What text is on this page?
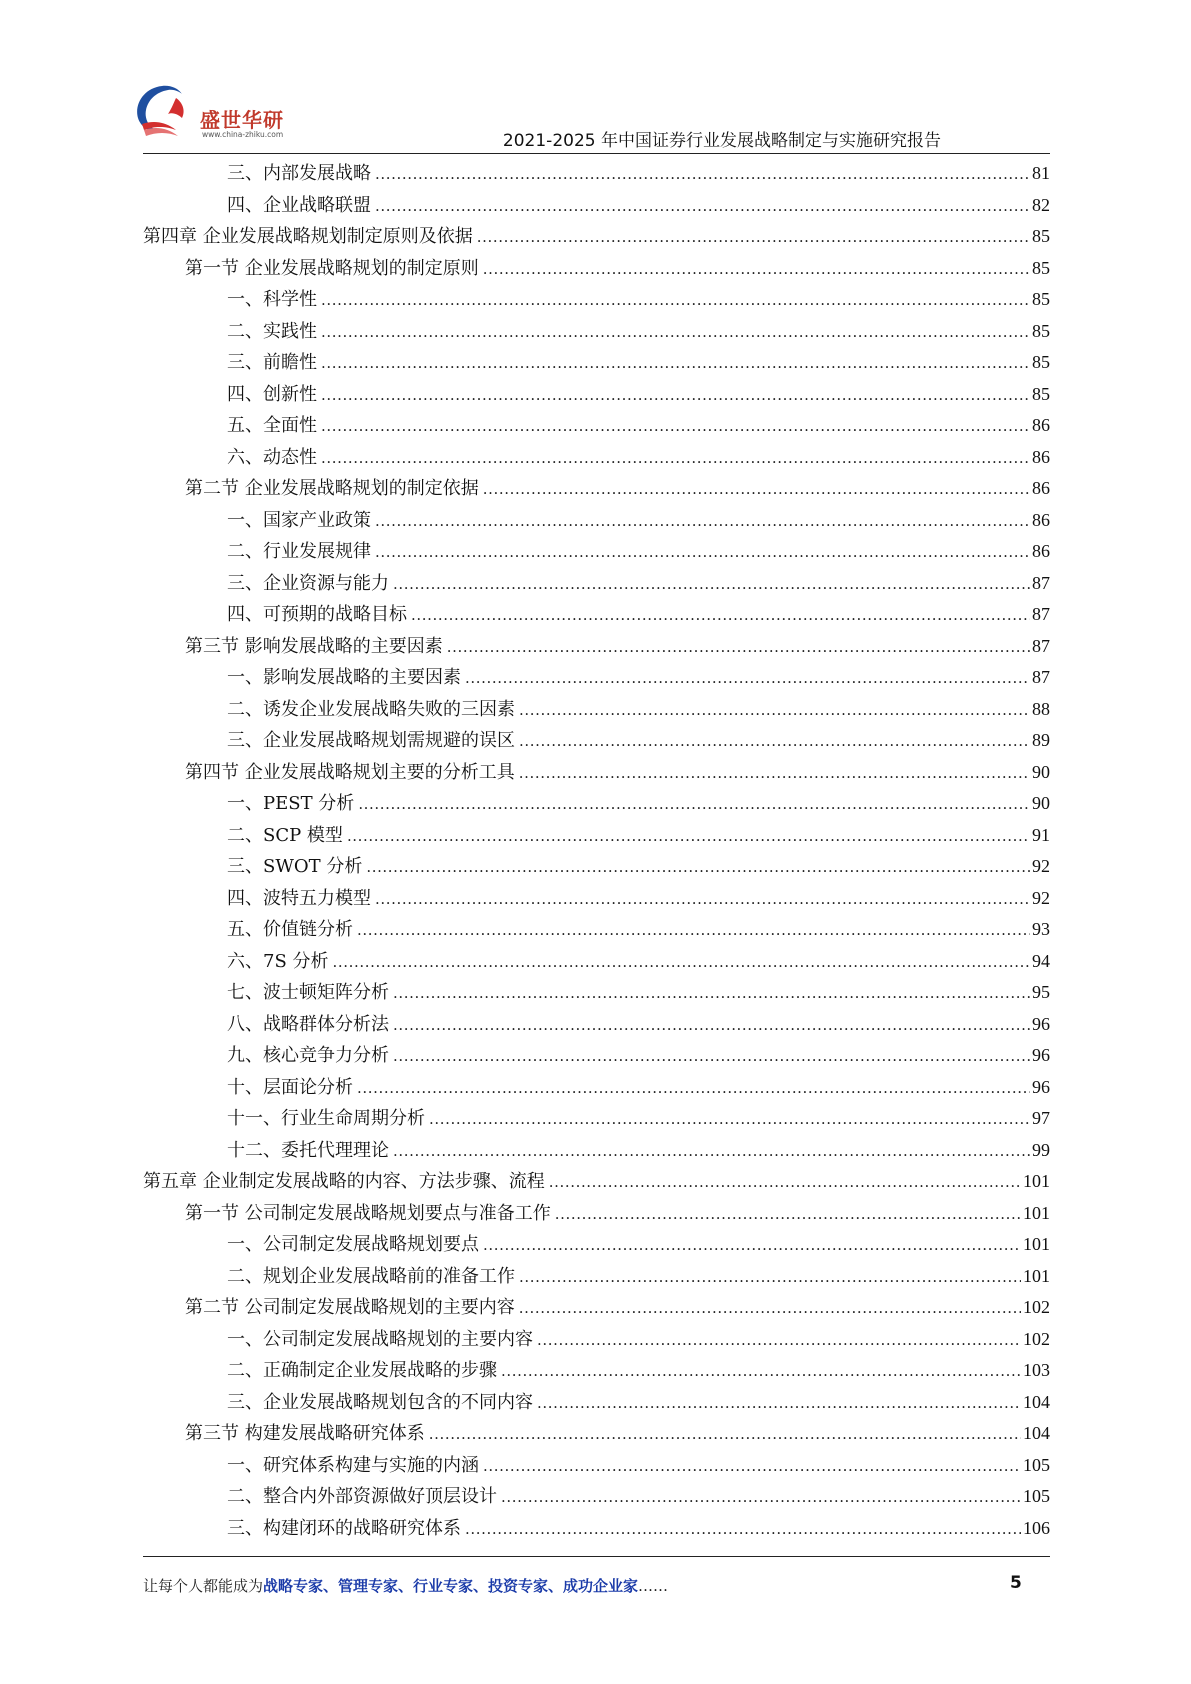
盛世华研
www.china-zhiku.com	2021-2025 年中国证券行业发展战略制定与实施研究报告
三、内部发展战略 .....	81
四、企业战略联盟 .....	82
第四章 企业发展战略规划制定原则及依据 .....	85
第一节 企业发展战略规划的制定原则 .....	85
一、科学性 .....	85
二、实践性 .....	85
三、前瞻性 .....	85
四、创新性 .....	85
五、全面性 .....	86
六、动态性 .....	86
第二节 企业发展战略规划的制定依据 .....	86
一、国家产业政策 .....	86
二、行业发展规律 .....	86
三、企业资源与能力 .....	87
四、可预期的战略目标 .....	87
第三节 影响发展战略的主要因素 .....	87
一、影响发展战略的主要因素 .....	87
二、诱发企业发展战略失败的三因素 .....	88
三、企业发展战略规划需规避的误区 .....	89
第四节 企业发展战略规划主要的分析工具 .....	90
一、PEST 分析 .....	90
二、SCP 模型 .....	91
三、SWOT 分析 .....	92
四、波特五力模型 .....	92
五、价值链分析 .....	93
六、7S 分析 .....	94
七、波士顿矩阵分析 .....	95
八、战略群体分析法 .....	96
九、核心竞争力分析 .....	96
十、层面论分析 .....	96
十一、行业生命周期分析 .....	97
十二、委托代理理论 .....	99
第五章 企业制定发展战略的内容、方法步骤、流程 .....	101
第一节 公司制定发展战略规划要点与准备工作 .....	101
一、公司制定发展战略规划要点 .....	101
二、规划企业发展战略前的准备工作 .....	101
第二节 公司制定发展战略规划的主要内容 .....	102
一、公司制定发展战略规划的主要内容 .....	102
二、正确制定企业发展战略的步骤 .....	103
三、企业发展战略规划包含的不同内容 .....	104
第三节 构建发展战略研究体系 .....	104
一、研究体系构建与实施的内涵 .....	105
二、整合内外部资源做好顶层设计 .....	105
三、构建闭环的战略研究体系 .....	106
让每个人都能成为战略专家、管理专家、行业专家、投资专家、成功企业家……	5
